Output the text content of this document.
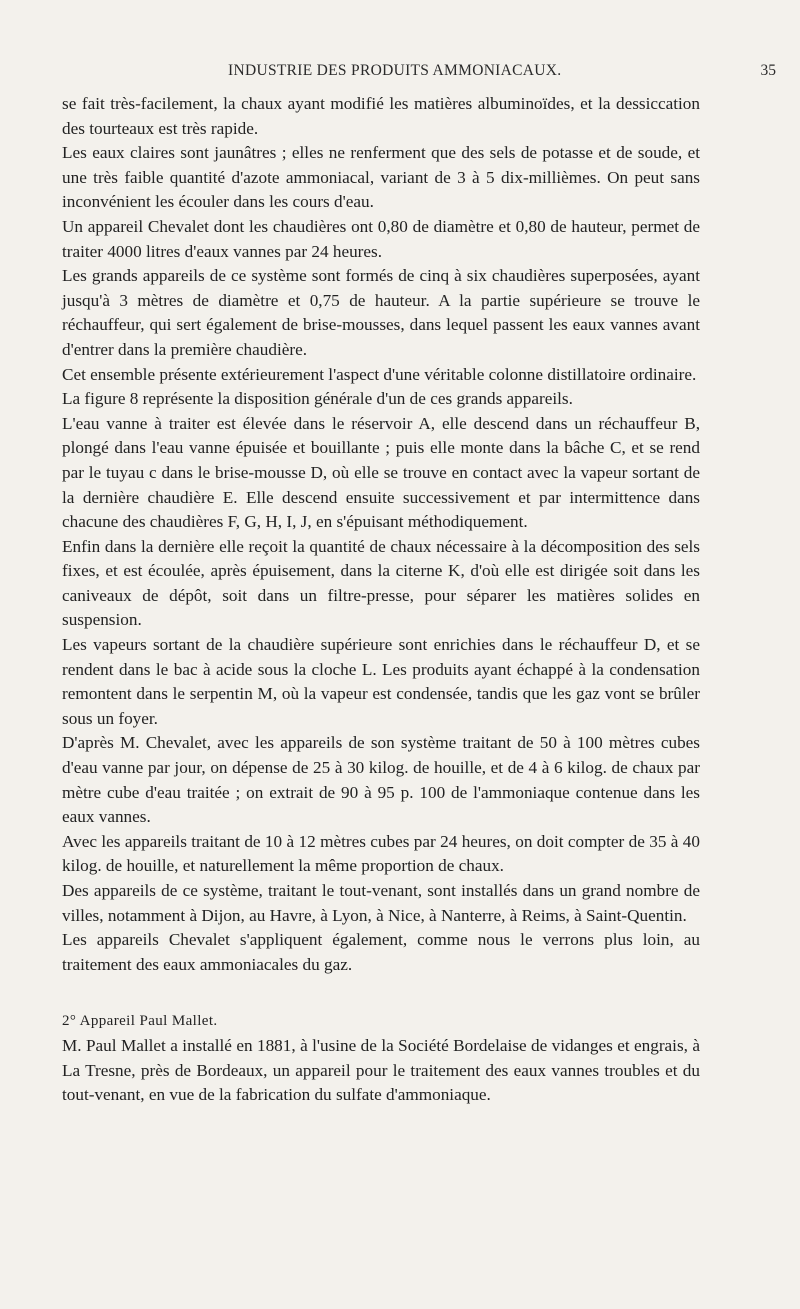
INDUSTRIE DES PRODUITS AMMONIACAUX.	35

se fait très-facilement, la chaux ayant modifié les matières albuminoïdes, et la dessiccation des tourteaux est très rapide.

Les eaux claires sont jaunâtres ; elles ne renferment que des sels de potasse et de soude, et une très faible quantité d'azote ammoniacal, variant de 3 à 5 dix-millièmes. On peut sans inconvénient les écouler dans les cours d'eau.

Un appareil Chevalet dont les chaudières ont 0,80 de diamètre et 0,80 de hauteur, permet de traiter 4000 litres d'eaux vannes par 24 heures.

Les grands appareils de ce système sont formés de cinq à six chaudières superposées, ayant jusqu'à 3 mètres de diamètre et 0,75 de hauteur. A la partie supérieure se trouve le réchauffeur, qui sert également de brise-mousses, dans lequel passent les eaux vannes avant d'entrer dans la première chaudière.

Cet ensemble présente extérieurement l'aspect d'une véritable colonne distillatoire ordinaire.

La figure 8 représente la disposition générale d'un de ces grands appareils.

L'eau vanne à traiter est élevée dans le réservoir A, elle descend dans un réchauffeur B, plongé dans l'eau vanne épuisée et bouillante ; puis elle monte dans la bâche C, et se rend par le tuyau c dans le brise-mousse D, où elle se trouve en contact avec la vapeur sortant de la dernière chaudière E. Elle descend ensuite successivement et par intermittence dans chacune des chaudières F, G, H, I, J, en s'épuisant méthodiquement.

Enfin dans la dernière elle reçoit la quantité de chaux nécessaire à la décomposition des sels fixes, et est écoulée, après épuisement, dans la citerne K, d'où elle est dirigée soit dans les caniveaux de dépôt, soit dans un filtre-presse, pour séparer les matières solides en suspension.

Les vapeurs sortant de la chaudière supérieure sont enrichies dans le réchauffeur D, et se rendent dans le bac à acide sous la cloche L. Les produits ayant échappé à la condensation remontent dans le serpentin M, où la vapeur est condensée, tandis que les gaz vont se brûler sous un foyer.

D'après M. Chevalet, avec les appareils de son système traitant de 50 à 100 mètres cubes d'eau vanne par jour, on dépense de 25 à 30 kilog. de houille, et de 4 à 6 kilog. de chaux par mètre cube d'eau traitée ; on extrait de 90 à 95 p. 100 de l'ammoniaque contenue dans les eaux vannes.

Avec les appareils traitant de 10 à 12 mètres cubes par 24 heures, on doit compter de 35 à 40 kilog. de houille, et naturellement la même proportion de chaux.

Des appareils de ce système, traitant le tout-venant, sont installés dans un grand nombre de villes, notamment à Dijon, au Havre, à Lyon, à Nice, à Nanterre, à Reims, à Saint-Quentin.

Les appareils Chevalet s'appliquent également, comme nous le verrons plus loin, au traitement des eaux ammoniacales du gaz.

2° Appareil Paul Mallet.

M. Paul Mallet a installé en 1881, à l'usine de la Société Bordelaise de vidanges et engrais, à La Tresne, près de Bordeaux, un appareil pour le traitement des eaux vannes troubles et du tout-venant, en vue de la fabrication du sulfate d'ammoniaque.
